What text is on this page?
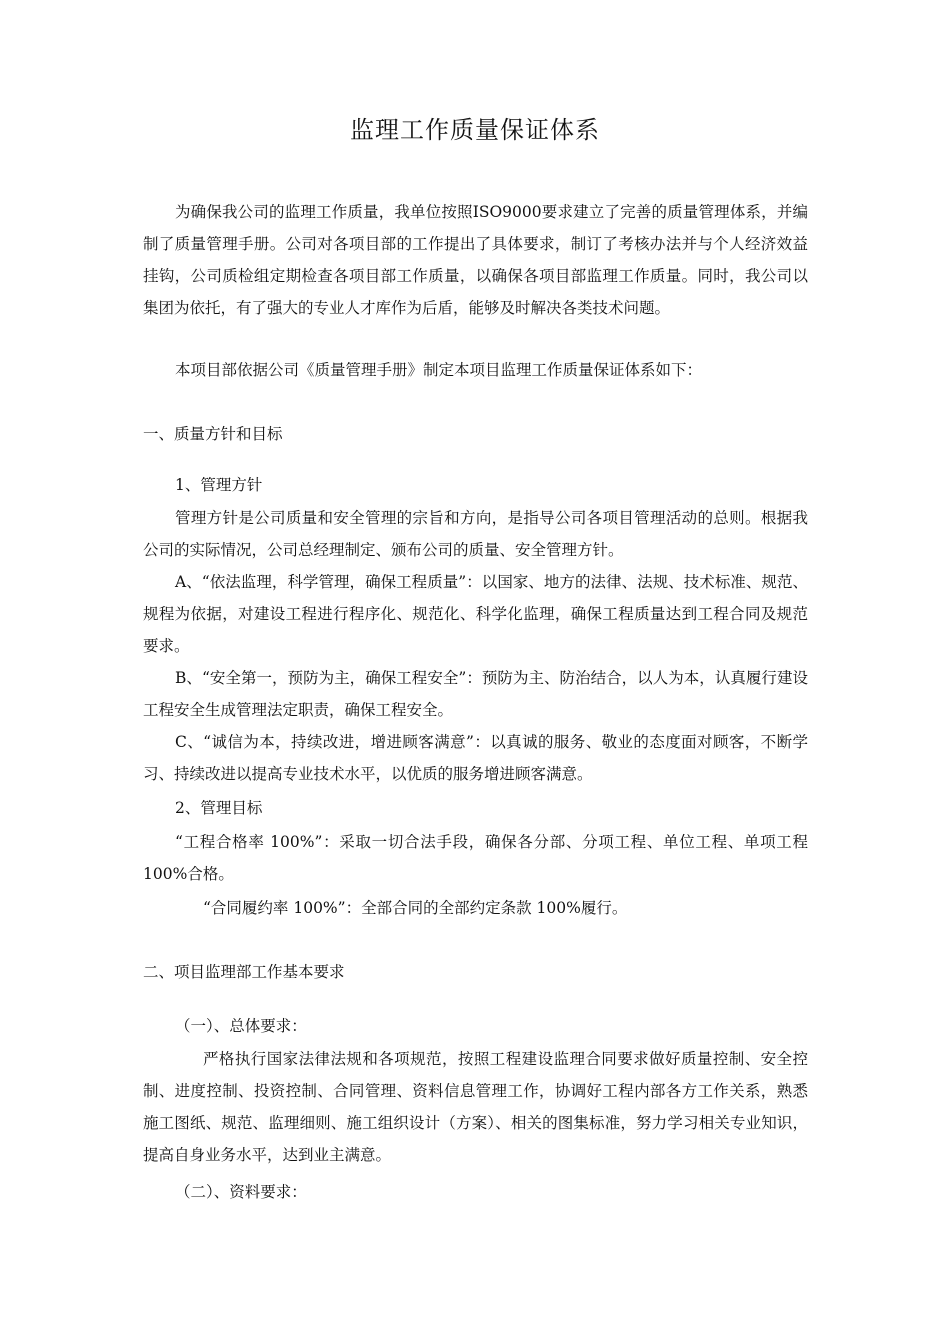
监理工作质量保证体系
为确保我公司的监理工作质量，我单位按照ISO9000要求建立了完善的质量管理体系，并编制了质量管理手册。公司对各项目部的工作提出了具体要求，制订了考核办法并与个人经济效益挂钩，公司质检组定期检查各项目部工作质量，以确保各项目部监理工作质量。同时，我公司以集团为依托，有了强大的专业人才库作为后盾，能够及时解决各类技术问题。
本项目部依据公司《质量管理手册》制定本项目监理工作质量保证体系如下：
一、质量方针和目标
1、管理方针
管理方针是公司质量和安全管理的宗旨和方向，是指导公司各项目管理活动的总则。根据我公司的实际情况，公司总经理制定、颁布公司的质量、安全管理方针。
A、“依法监理，科学管理，确保工程质量”：以国家、地方的法律、法规、技术标准、规范、规程为依据，对建设工程进行程序化、规范化、科学化监理，确保工程质量达到工程合同及规范要求。
B、“安全第一，预防为主，确保工程安全”：预防为主、防治结合，以人为本，认真履行建设工程安全生成管理法定职责，确保工程安全。
C、“诚信为本，持续改进，增进顾客满意”：以真诚的服务、敬业的态度面对顾客，不断学习、持续改进以提高专业技术水平，以优质的服务增进顾客满意。
2、管理目标
“工程合格率 100%”：采取一切合法手段，确保各分部、分项工程、单位工程、单项工程 100%合格。
“合同履约率 100%”：全部合同的全部约定条款 100%履行。
二、项目监理部工作基本要求
（一）、总体要求：
严格执行国家法律法规和各项规范，按照工程建设监理合同要求做好质量控制、安全控制、进度控制、投资控制、合同管理、资料信息管理工作，协调好工程内部各方工作关系，熟悉施工图纸、规范、监理细则、施工组织设计（方案）、相关的图集标准，努力学习相关专业知识，提高自身业务水平，达到业主满意。
（二）、资料要求：
